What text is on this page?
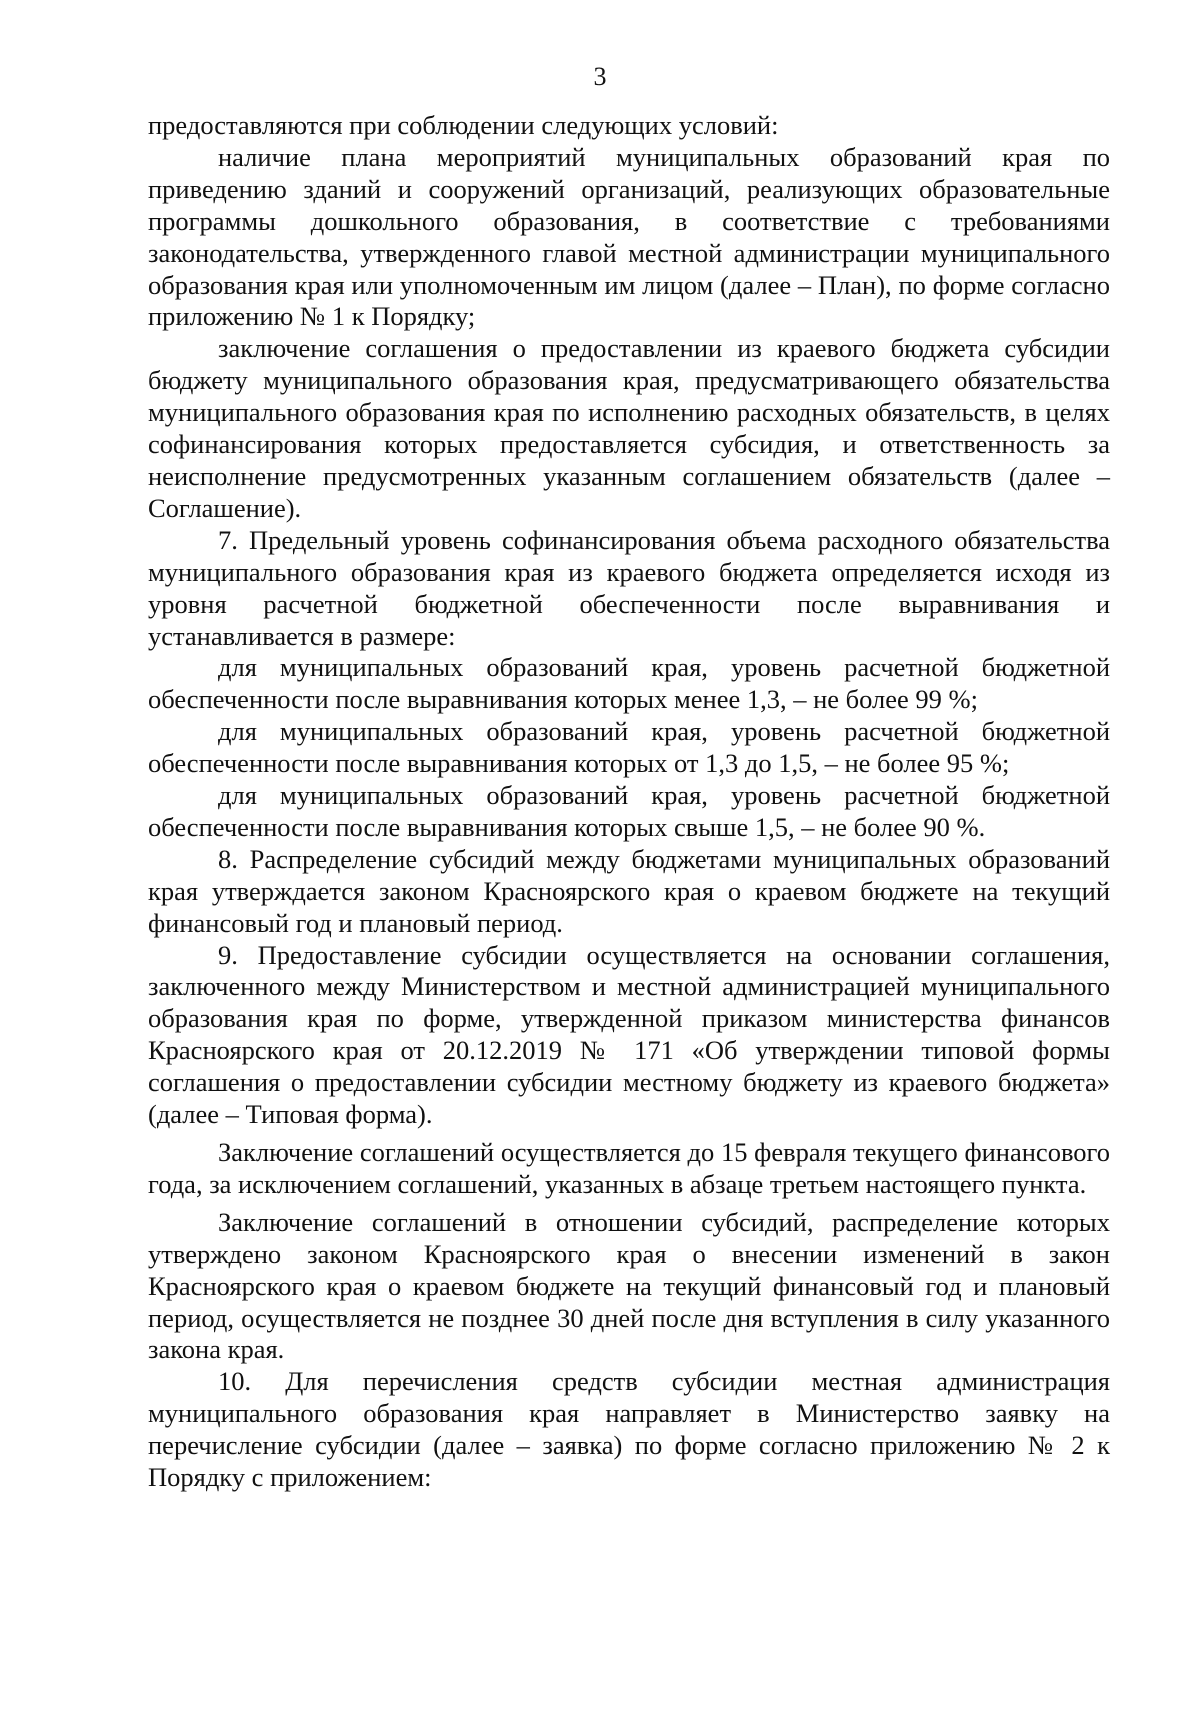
3

предоставляются при соблюдении следующих условий:

наличие плана мероприятий муниципальных образований края по приведению зданий и сооружений организаций, реализующих образовательные программы дошкольного образования, в соответствие с требованиями законодательства, утвержденного главой местной администрации муниципального образования края или уполномоченным им лицом (далее – План), по форме согласно приложению № 1 к Порядку;

заключение соглашения о предоставлении из краевого бюджета субсидии бюджету муниципального образования края, предусматривающего обязательства муниципального образования края по исполнению расходных обязательств, в целях софинансирования которых предоставляется субсидия, и ответственность за неисполнение предусмотренных указанным соглашением обязательств (далее – Соглашение).

7. Предельный уровень софинансирования объема расходного обязательства муниципального образования края из краевого бюджета определяется исходя из уровня расчетной бюджетной обеспеченности после выравнивания и устанавливается в размере:

для муниципальных образований края, уровень расчетной бюджетной обеспеченности после выравнивания которых менее 1,3, – не более 99 %;

для муниципальных образований края, уровень расчетной бюджетной обеспеченности после выравнивания которых от 1,3 до 1,5, – не более 95 %;

для муниципальных образований края, уровень расчетной бюджетной обеспеченности после выравнивания которых свыше 1,5, – не более 90 %.

8. Распределение субсидий между бюджетами муниципальных образований края утверждается законом Красноярского края о краевом бюджете на текущий финансовый год и плановый период.

9. Предоставление субсидии осуществляется на основании соглашения, заключенного между Министерством и местной администрацией муниципального образования края по форме, утвержденной приказом министерства финансов Красноярского края от 20.12.2019 № 171 «Об утверждении типовой формы соглашения о предоставлении субсидии местному бюджету из краевого бюджета» (далее – Типовая форма).

Заключение соглашений осуществляется до 15 февраля текущего финансового года, за исключением соглашений, указанных в абзаце третьем настоящего пункта.

Заключение соглашений в отношении субсидий, распределение которых утверждено законом Красноярского края о внесении изменений в закон Красноярского края о краевом бюджете на текущий финансовый год и плановый период, осуществляется не позднее 30 дней после дня вступления в силу указанного закона края.

10. Для перечисления средств субсидии местная администрация муниципального образования края направляет в Министерство заявку на перечисление субсидии (далее – заявка) по форме согласно приложению № 2 к Порядку с приложением:
